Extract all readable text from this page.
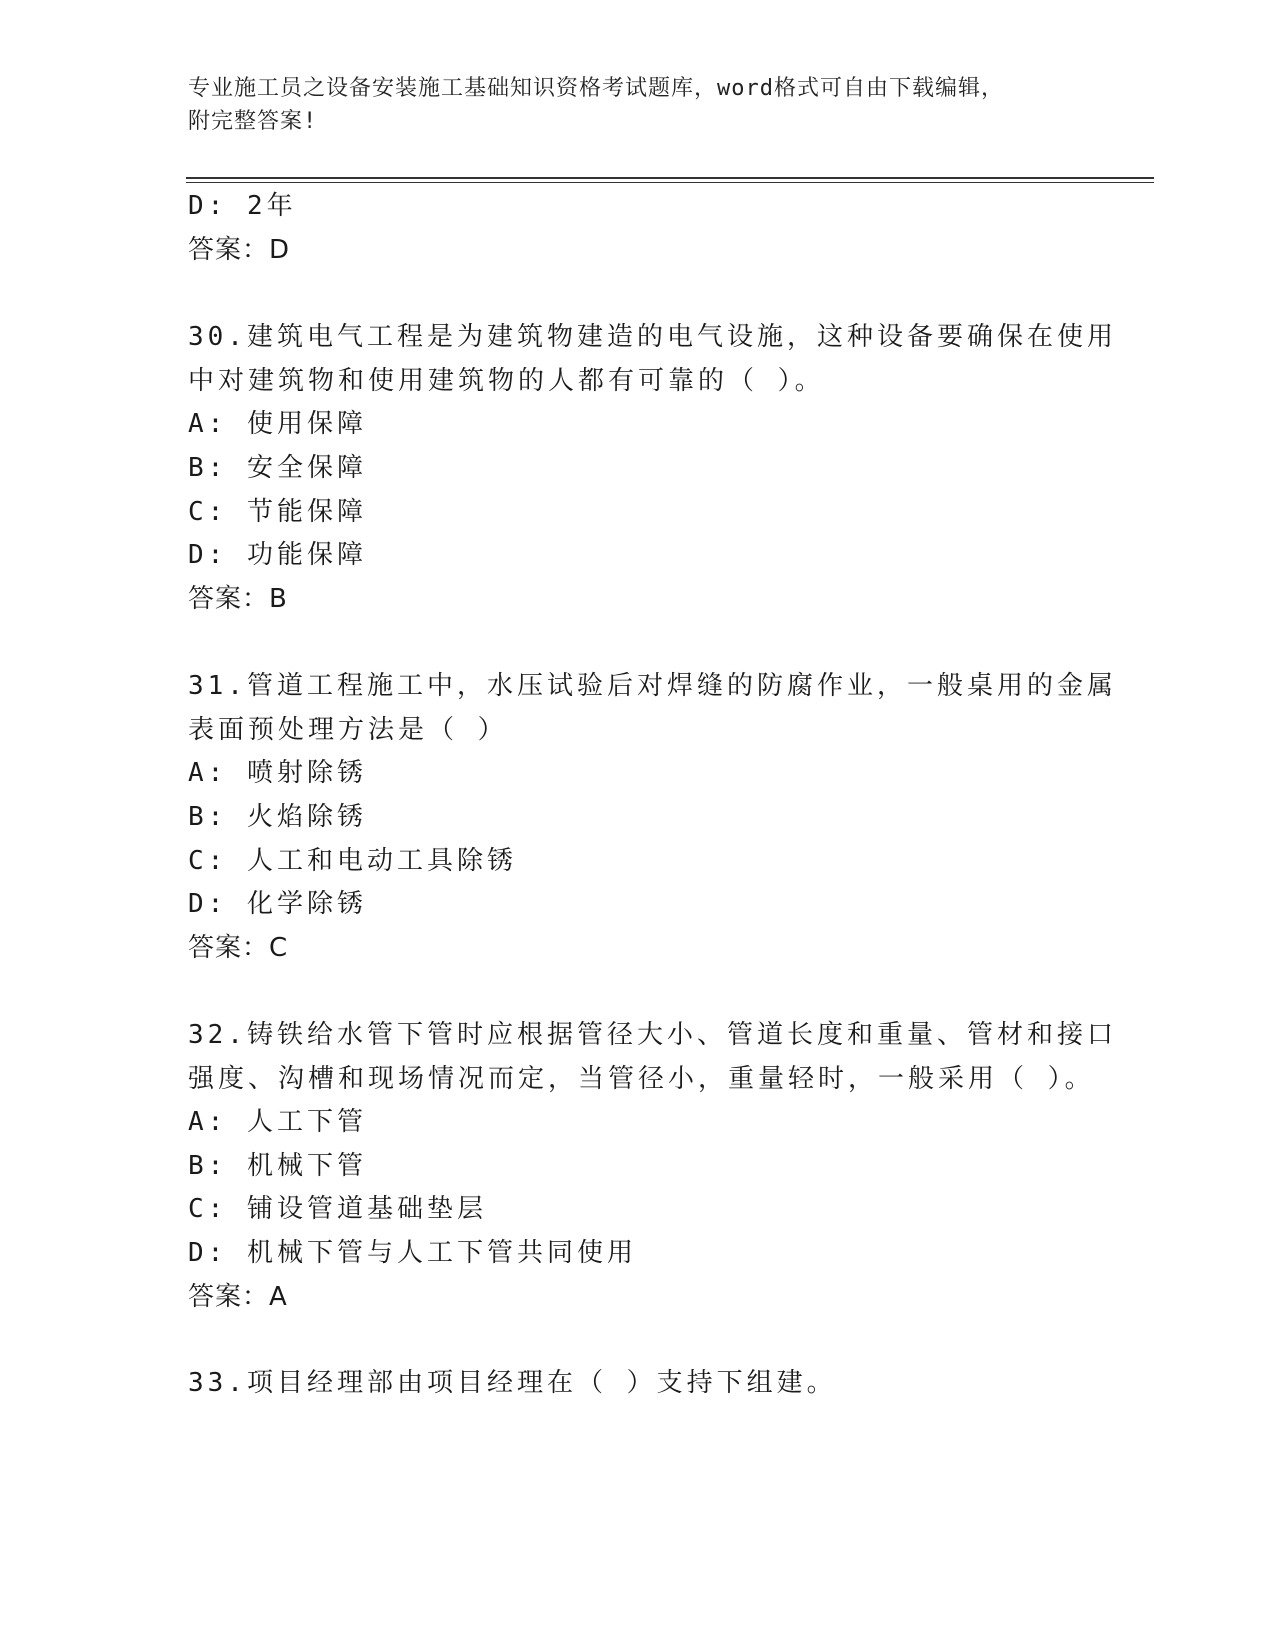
专业施工员之设备安装施工基础知识资格考试题库，word格式可自由下载编辑，
附完整答案!
D: 2年
答案：D
30.建筑电气工程是为建筑物建造的电气设施，这种设备要确保在使用
中对建筑物和使用建筑物的人都有可靠的（ ）。
A: 使用保障
B: 安全保障
C: 节能保障
D: 功能保障
答案：B
31.管道工程施工中，水压试验后对焊缝的防腐作业，一般桌用的金属
表面预处理方法是（ ）
A: 喷射除锈
B: 火焰除锈
C: 人工和电动工具除锈
D: 化学除锈
答案：C
32.铸铁给水管下管时应根据管径大小、管道长度和重量、管材和接口
强度、沟槽和现场情况而定，当管径小，重量轻时，一般采用（ ）。
A: 人工下管
B: 机械下管
C: 铺设管道基础垫层
D: 机械下管与人工下管共同使用
答案：A
33.项目经理部由项目经理在（ ）支持下组建。
